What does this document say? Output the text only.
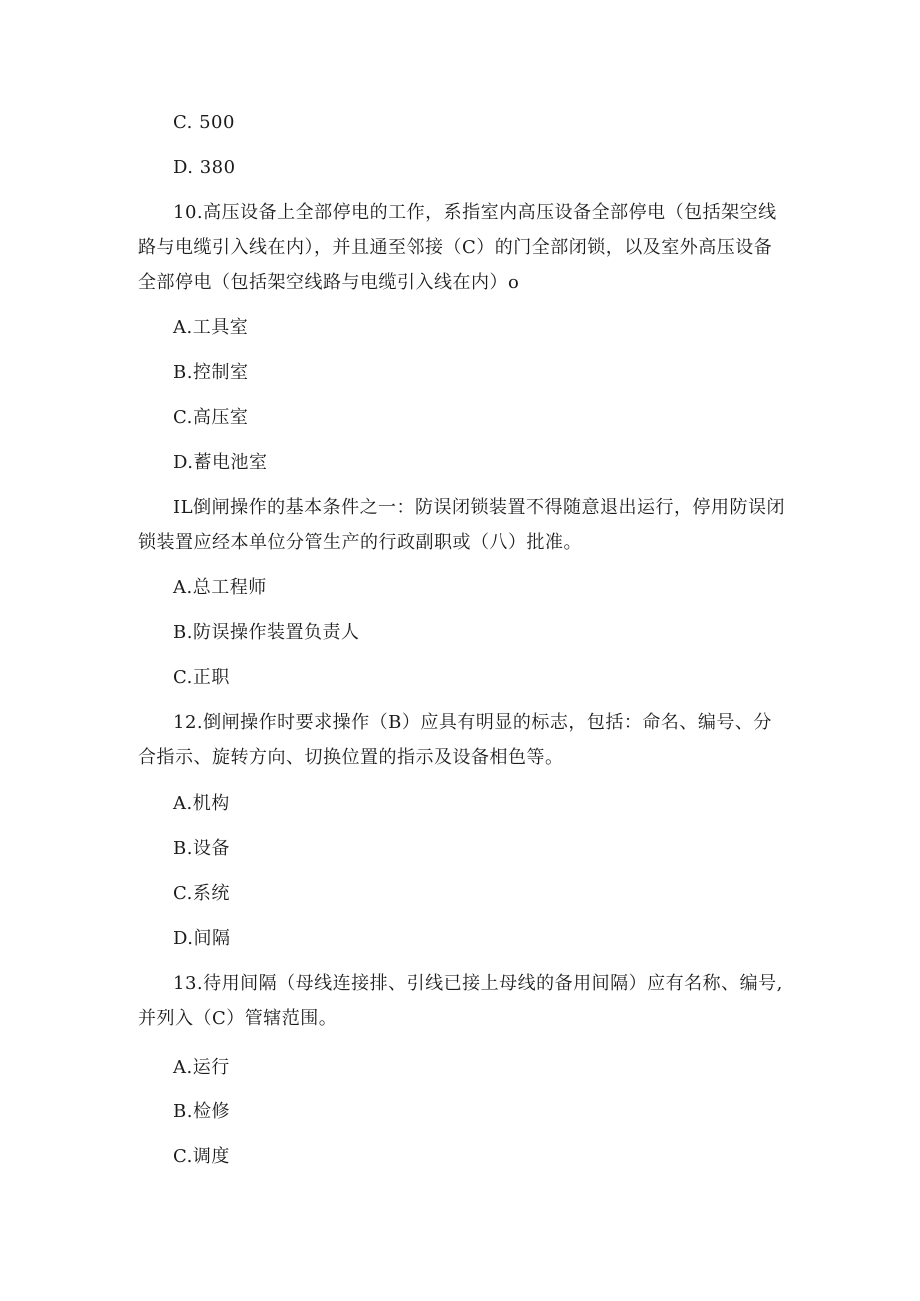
C. 500
D. 380
10.高压设备上全部停电的工作，系指室内高压设备全部停电（包括架空线
路与电缆引入线在内），并且通至邻接（C）的门全部闭锁，以及室外高压设备
全部停电（包括架空线路与电缆引入线在内）o
A.工具室
B.控制室
C.高压室
D.蓄电池室
IL倒闸操作的基本条件之一：防误闭锁装置不得随意退出运行，停用防误闭
锁装置应经本单位分管生产的行政副职或（八）批准。
A.总工程师
B.防误操作装置负责人
C.正职
12.倒闸操作时要求操作（B）应具有明显的标志，包括：命名、编号、分
合指示、旋转方向、切换位置的指示及设备相色等。
A.机构
B.设备
C.系统
D.间隔
13.待用间隔（母线连接排、引线已接上母线的备用间隔）应有名称、编号,
并列入（C）管辖范围。
A.运行
B.检修
C.调度
